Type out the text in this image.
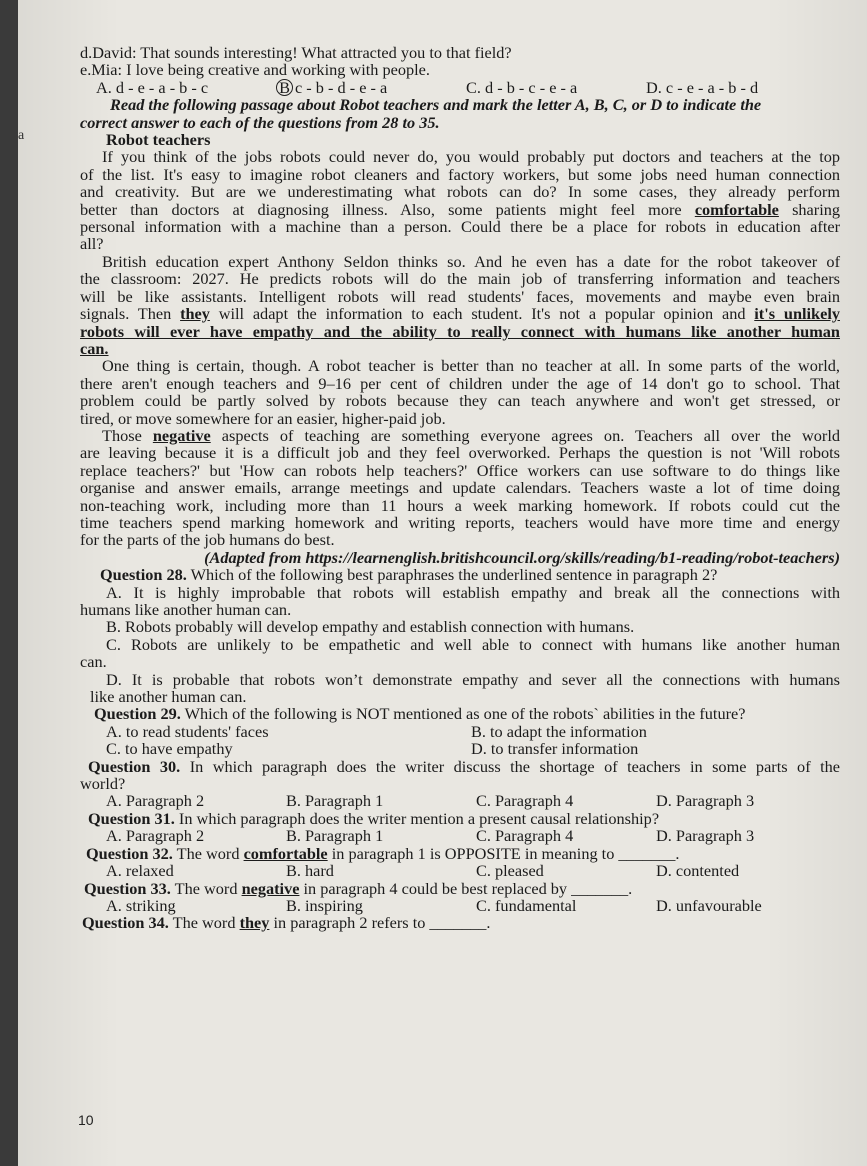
a
d.David: That sounds interesting! What attracted you to that field?
e.Mia: I love being creative and working with people.
A. d - e - a - b - c	B c - b - d - e - a	C. d - b - c - e - a	D. c - e - a - b - d
Read the following passage about Robot teachers and mark the letter A, B, C, or D to indicate the
correct answer to each of the questions from 28 to 35.
Robot teachers
If you think of the jobs robots could never do, you would probably put doctors and teachers at the top
of the list. It's easy to imagine robot cleaners and factory workers, but some jobs need human connection
and creativity. But are we underestimating what robots can do? In some cases, they already perform
better than doctors at diagnosing illness. Also, some patients might feel more comfortable sharing
personal information with a machine than a person. Could there be a place for robots in education after
all?
British education expert Anthony Seldon thinks so. And he even has a date for the robot takeover of
the classroom: 2027. He predicts robots will do the main job of transferring information and teachers
will be like assistants. Intelligent robots will read students' faces, movements and maybe even brain
signals. Then they will adapt the information to each student. It's not a popular opinion and it's unlikely
robots will ever have empathy and the ability to really connect with humans like another human
can.
One thing is certain, though. A robot teacher is better than no teacher at all. In some parts of the world,
there aren't enough teachers and 9–16 per cent of children under the age of 14 don't go to school. That
problem could be partly solved by robots because they can teach anywhere and won't get stressed, or
tired, or move somewhere for an easier, higher-paid job.
Those negative aspects of teaching are something everyone agrees on. Teachers all over the world
are leaving because it is a difficult job and they feel overworked. Perhaps the question is not 'Will robots
replace teachers?' but 'How can robots help teachers?' Office workers can use software to do things like
organise and answer emails, arrange meetings and update calendars. Teachers waste a lot of time doing
non-teaching work, including more than 11 hours a week marking homework. If robots could cut the
time teachers spend marking homework and writing reports, teachers would have more time and energy
for the parts of the job humans do best.
(Adapted from https://learnenglish.britishcouncil.org/skills/reading/b1-reading/robot-teachers)
Question 28. Which of the following best paraphrases the underlined sentence in paragraph 2?
A. It is highly improbable that robots will establish empathy and break all the connections with
humans like another human can.
B. Robots probably will develop empathy and establish connection with humans.
C. Robots are unlikely to be empathetic and well able to connect with humans like another human
can.
D. It is probable that robots won’t demonstrate empathy and sever all the connections with humans
like another human can.
Question 29. Which of the following is NOT mentioned as one of the robots` abilities in the future?
A. to read students' faces	B. to adapt the information
C. to have empathy	D. to transfer information
Question 30. In which paragraph does the writer discuss the shortage of teachers in some parts of the
world?
A. Paragraph 2	B. Paragraph 1	C. Paragraph 4	D. Paragraph 3
Question 31. In which paragraph does the writer mention a present causal relationship?
A. Paragraph 2	B. Paragraph 1	C. Paragraph 4	D. Paragraph 3
Question 32. The word comfortable in paragraph 1 is OPPOSITE in meaning to _______.
A. relaxed	B. hard	C. pleased	D. contented
Question 33. The word negative in paragraph 4 could be best replaced by _______.
A. striking	B. inspiring	C. fundamental	D. unfavourable
Question 34. The word they in paragraph 2 refers to _______.
10
